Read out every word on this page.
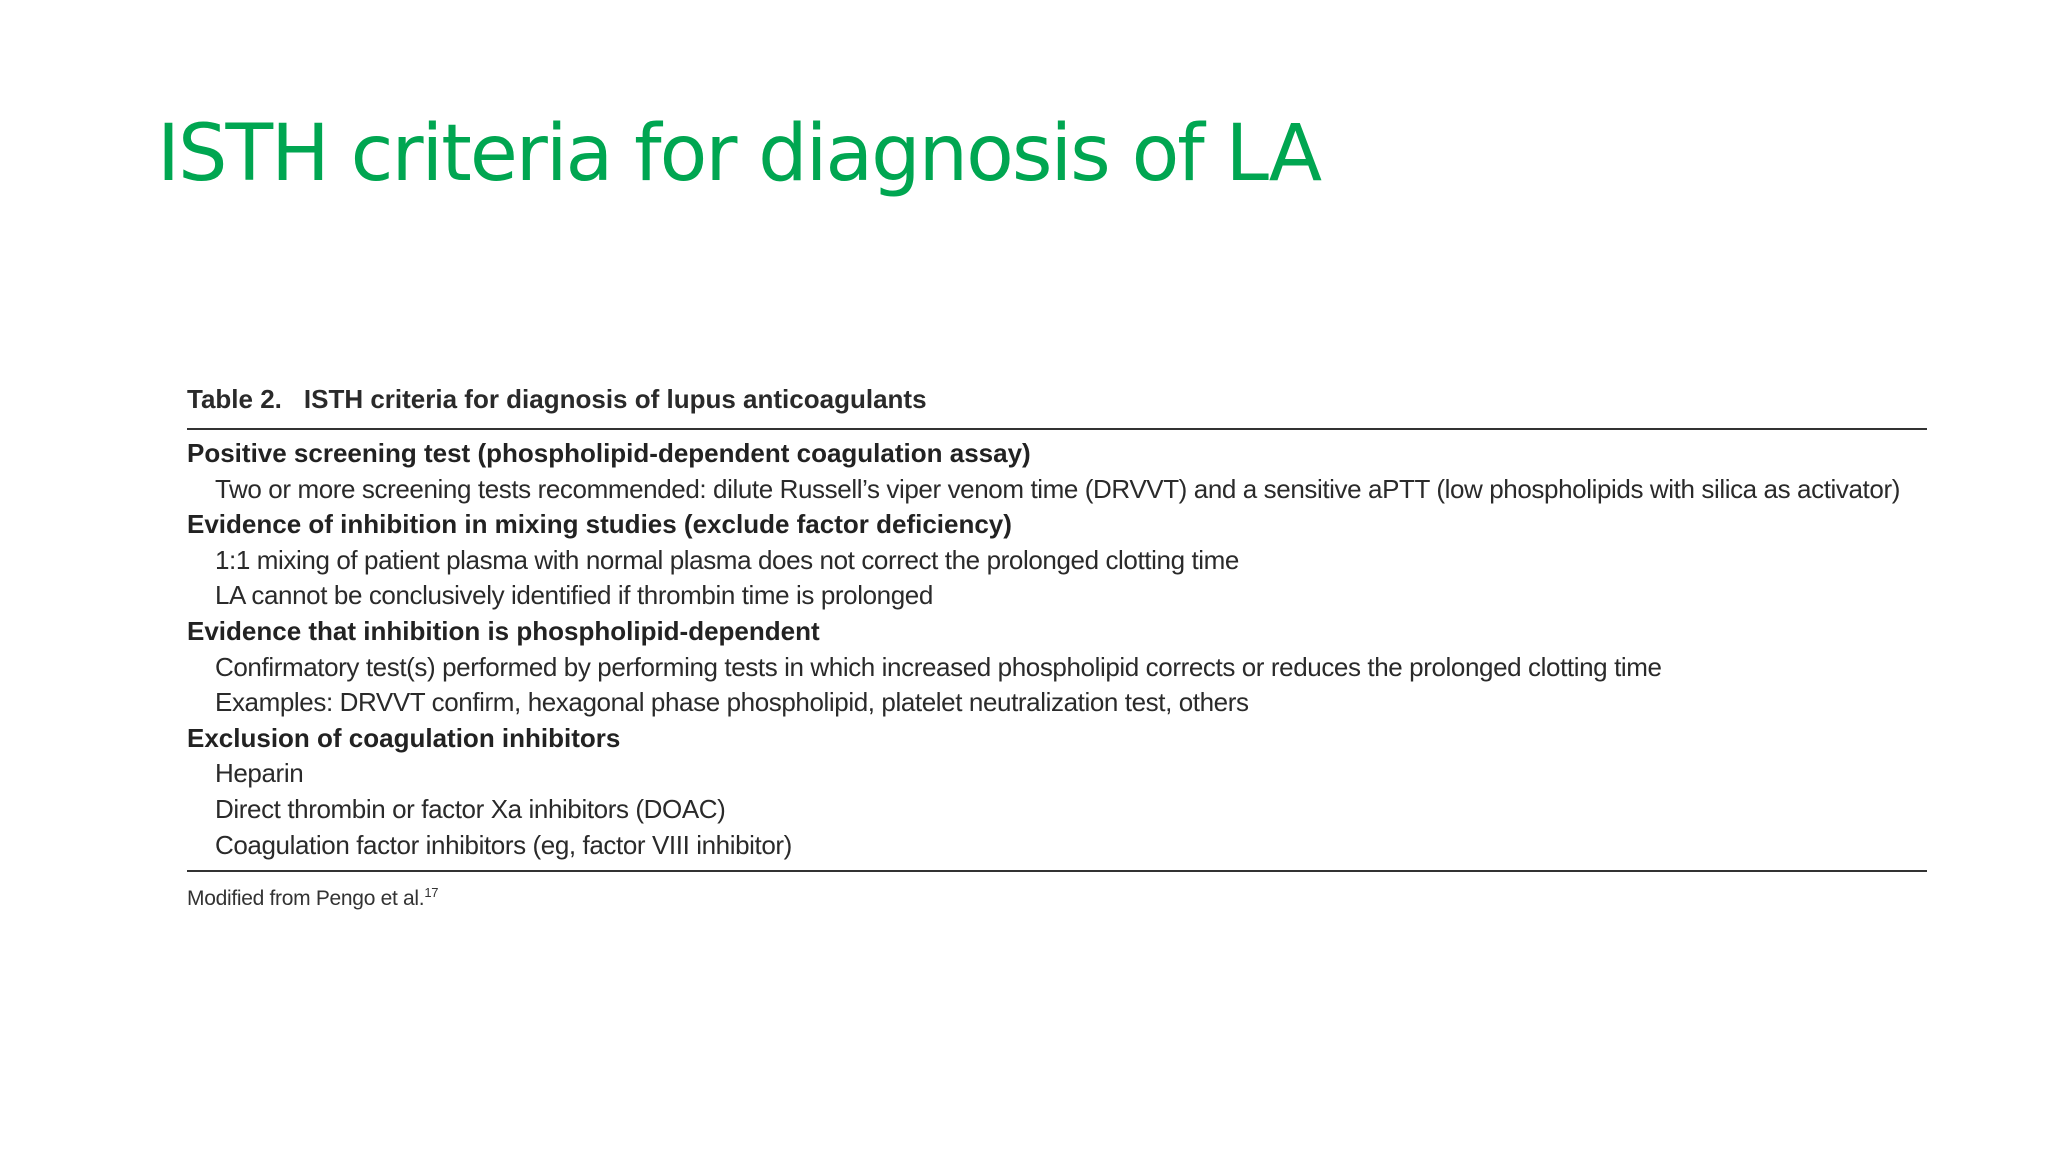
ISTH criteria for diagnosis of LA
Table 2. ISTH criteria for diagnosis of lupus anticoagulants
Positive screening test (phospholipid-dependent coagulation assay)
Two or more screening tests recommended: dilute Russell’s viper venom time (DRVVT) and a sensitive aPTT (low phospholipids with silica as activator)
Evidence of inhibition in mixing studies (exclude factor deficiency)
1:1 mixing of patient plasma with normal plasma does not correct the prolonged clotting time
LA cannot be conclusively identified if thrombin time is prolonged
Evidence that inhibition is phospholipid-dependent
Confirmatory test(s) performed by performing tests in which increased phospholipid corrects or reduces the prolonged clotting time
Examples: DRVVT confirm, hexagonal phase phospholipid, platelet neutralization test, others
Exclusion of coagulation inhibitors
Heparin
Direct thrombin or factor Xa inhibitors (DOAC)
Coagulation factor inhibitors (eg, factor VIII inhibitor)
Modified from Pengo et al.$^{17}$
